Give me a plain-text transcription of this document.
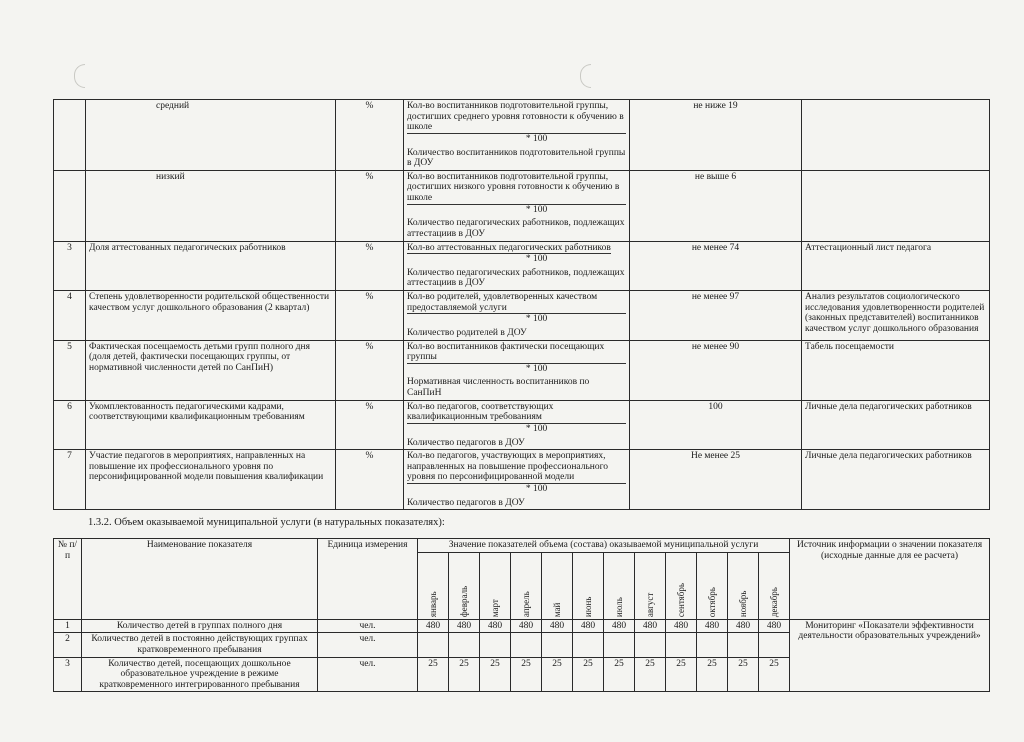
	средний	%	Кол-во воспитанников подготовительной группы, достигших среднего уровня готовности к обучению в школе
* 100
Количество воспитанников подготовительной группы в ДОУ	не ниже 19	
	низкий	%	Кол-во воспитанников подготовительной группы, достигших низкого уровня готовности к обучению в школе
* 100
Количество педагогических работников, подлежащих аттестациив в ДОУ	не выше 6	
3	Доля аттестованных педагогических работников	%	Кол-во аттестованных педагогических работников
* 100
Количество педагогических работников, подлежащих аттестациив в ДОУ	не менее 74	Аттестационный лист педагога
4	Степень удовлетворенности родительской общественности качеством услуг дошкольного образования (2 квартал)	%	Кол-во родителей, удовлетворенных качеством предоставляемой услуги
* 100
Количество родителей в ДОУ	не менее 97	Анализ результатов социологического исследования удовлетворенности родителей (законных представителей) воспитанников качеством услуг дошкольного образования
5	Фактическая посещаемость детьми групп полного дня (доля детей, фактически посещающих группы, от нормативной численности детей по СанПиН)	%	Кол-во воспитанников фактически посещающих группы
* 100
Нормативная численность воспитанников по СанПиН	не менее 90	Табель посещаемости
6	Укомплектованность педагогическими кадрами, соответствующими квалификационным требованиям	%	Кол-во педагогов, соответствующих квалификационным требованиям
* 100
Количество педагогов в ДОУ	100	Личные дела педагогических работников
7	Участие педагогов в мероприятиях, направленных на повышение их профессионального уровня по персонифицированной модели повышения квалификации	%	Кол-во педагогов, участвующих в мероприятиях, направленных на повышение профессионального уровня по персонифицированной модели
* 100
Количество педагогов в ДОУ	Не менее 25	Личные дела педагогических работников
1.3.2. Объем оказываемой муниципальной услуги (в натуральных показателях):
№ п/п	Наименование показателя	Единица измерения	Значение показателей объема (состава) оказываемой муниципальной услуги												Источник информации о значении показателя (исходные данные для ее расчета)

			январь	февраль	март	апрель	май	июнь	июль	август	сентябрь	октябрь	ноябрь	декабрь	

1	Количество детей в группах полного дня	чел.	480	480	480	480	480	480	480	480	480	480	480	480	Мониторинг «Показатели эффективности деятельности образовательных учреждений»
2	Количество детей в постоянно действующих группах кратковременного пребывания	чел.													
3	Количество детей, посещающих дошкольное образовательное учреждение в режиме кратковременного интегрированного пребывания	чел.	25	25	25	25	25	25	25	25	25	25	25	25	
